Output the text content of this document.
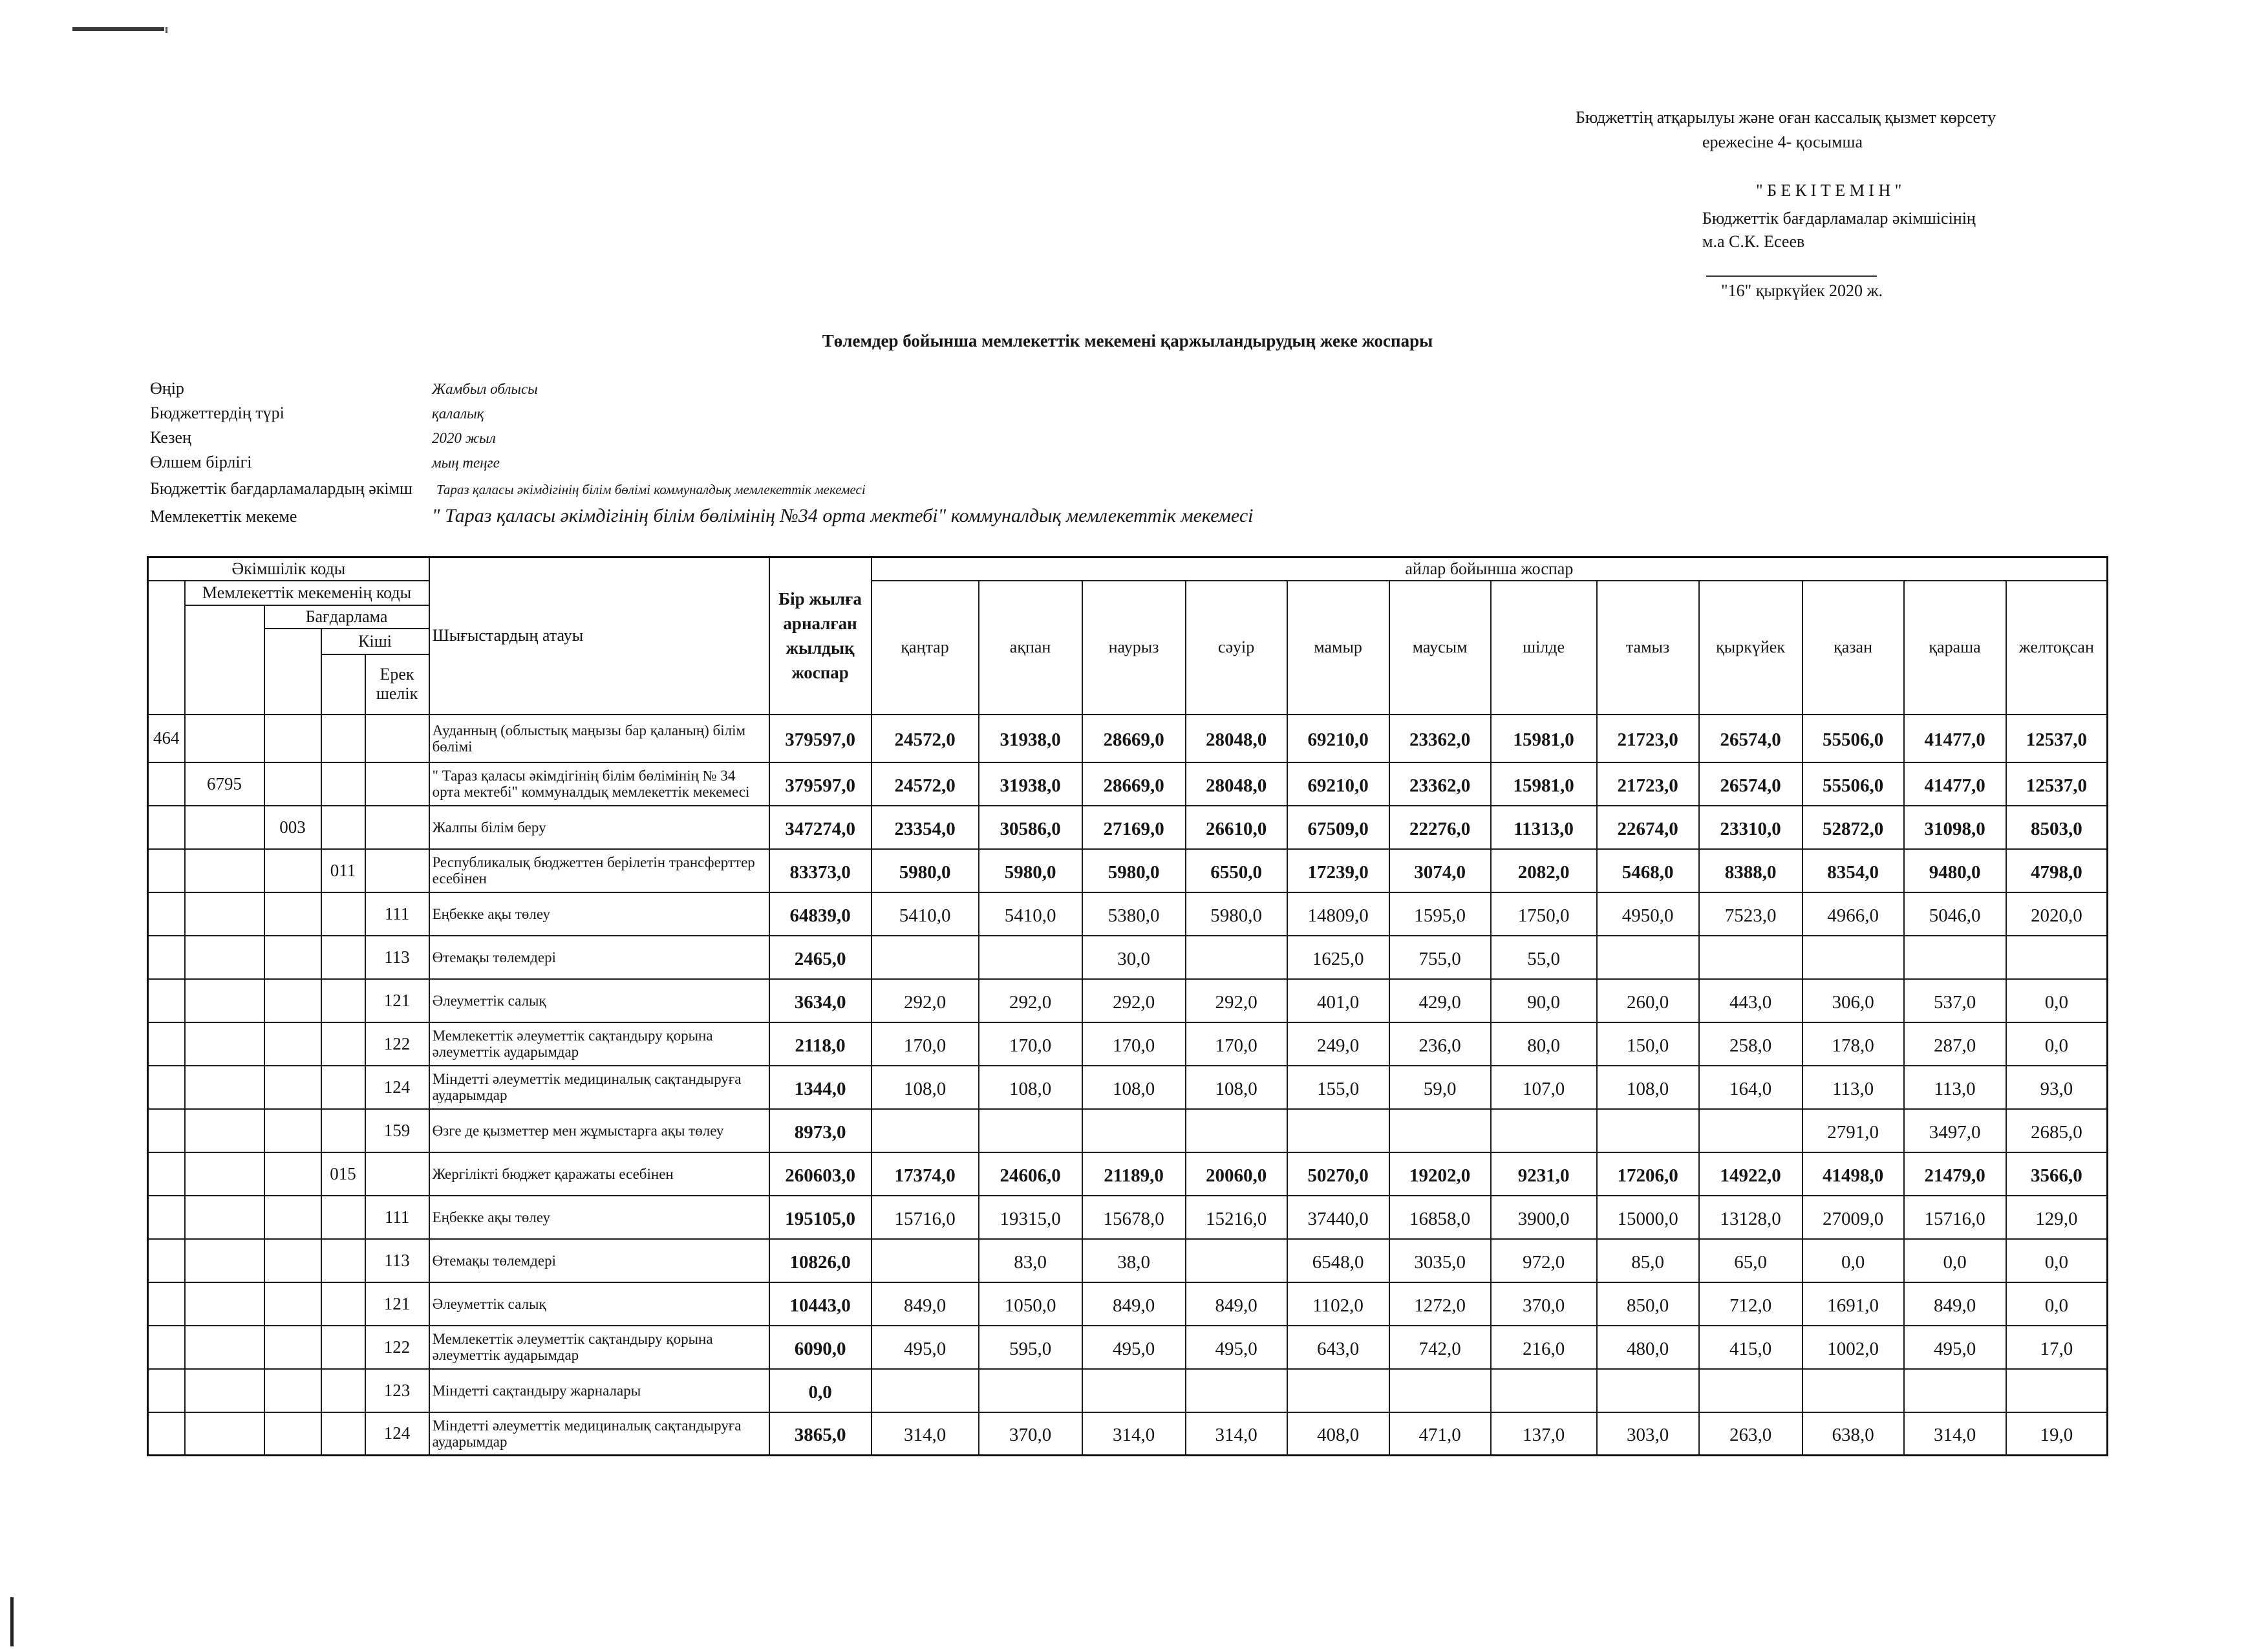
Бюджеттің атқарылуы және оған кассалық қызмет көрсету
ережесіне 4- қосымша
" Б Е К І Т Е М І Н "
Бюджеттік бағдарламалар әкімшісінің
м.а С.К. Есеев
"16" қыркүйек 2020 ж.
Төлемдер бойынша мемлекеттік мекемені қаржыландырудың жеке жоспары
Өңір	Жамбыл облысы
Бюджеттердің түрі	қалалық
Кезең	2020 жыл
Өлшем бірлігі	мың теңге
Бюджеттік бағдарламалардың әкімш	Тараз қаласы әкімдігінің білім бөлімі коммуналдық мемлекеттік мекемесі
Мемлекеттік мекеме	" Тараз қаласы әкімдігінің білім бөлімінің №34 орта мектебі" коммуналдық мемлекеттік мекемесі
Әкімшілік коды					Шығыстардың атауы	Бір жылға арналған жылдық жоспар	айлар бойынша жоспар											
	Мемлекеттік мекеменің коды						қаңтар	ақпан	наурыз	сәуір	мамыр	маусым	шілде	тамыз	қыркүйек	қазан	қараша	желтоқсан
		Бағдарлама																
			Кіші															
				Ерек шелік														
464					Ауданның (облыстық маңызы бар қаланың) білім бөлімі	379597,0	24572,0	31938,0	28669,0	28048,0	69210,0	23362,0	15981,0	21723,0	26574,0	55506,0	41477,0	12537,0
	6795				" Тараз қаласы әкімдігінің білім бөлімінің № 34 орта мектебі" коммуналдық мемлекеттік мекемесі	379597,0	24572,0	31938,0	28669,0	28048,0	69210,0	23362,0	15981,0	21723,0	26574,0	55506,0	41477,0	12537,0
		003			Жалпы білім беру	347274,0	23354,0	30586,0	27169,0	26610,0	67509,0	22276,0	11313,0	22674,0	23310,0	52872,0	31098,0	8503,0
			011		Республикалық бюджеттен берілетін трансферттер есебінен	83373,0	5980,0	5980,0	5980,0	6550,0	17239,0	3074,0	2082,0	5468,0	8388,0	8354,0	9480,0	4798,0
				111	Еңбекке ақы төлеу	64839,0	5410,0	5410,0	5380,0	5980,0	14809,0	1595,0	1750,0	4950,0	7523,0	4966,0	5046,0	2020,0
				113	Өтемақы төлемдері	2465,0			30,0		1625,0	755,0	55,0					
				121	Әлеуметтік салық	3634,0	292,0	292,0	292,0	292,0	401,0	429,0	90,0	260,0	443,0	306,0	537,0	0,0
				122	Мемлекеттік әлеуметтік сақтандыру қорына әлеуметтік аударымдар	2118,0	170,0	170,0	170,0	170,0	249,0	236,0	80,0	150,0	258,0	178,0	287,0	0,0
				124	Міндетті әлеуметтік медициналық сақтандыруға аударымдар	1344,0	108,0	108,0	108,0	108,0	155,0	59,0	107,0	108,0	164,0	113,0	113,0	93,0
				159	Өзге де қызметтер мен жұмыстарға ақы төлеу	8973,0										2791,0	3497,0	2685,0
			015		Жергілікті бюджет қаражаты есебінен	260603,0	17374,0	24606,0	21189,0	20060,0	50270,0	19202,0	9231,0	17206,0	14922,0	41498,0	21479,0	3566,0
				111	Еңбекке ақы төлеу	195105,0	15716,0	19315,0	15678,0	15216,0	37440,0	16858,0	3900,0	15000,0	13128,0	27009,0	15716,0	129,0
				113	Өтемақы төлемдері	10826,0		83,0	38,0		6548,0	3035,0	972,0	85,0	65,0	0,0	0,0	0,0
				121	Әлеуметтік салық	10443,0	849,0	1050,0	849,0	849,0	1102,0	1272,0	370,0	850,0	712,0	1691,0	849,0	0,0
				122	Мемлекеттік әлеуметтік сақтандыру қорына әлеуметтік аударымдар	6090,0	495,0	595,0	495,0	495,0	643,0	742,0	216,0	480,0	415,0	1002,0	495,0	17,0
				123	Міндетті сақтандыру жарналары	0,0												
				124	Міндетті әлеуметтік медициналық сақтандыруға аударымдар	3865,0	314,0	370,0	314,0	314,0	408,0	471,0	137,0	303,0	263,0	638,0	314,0	19,0
